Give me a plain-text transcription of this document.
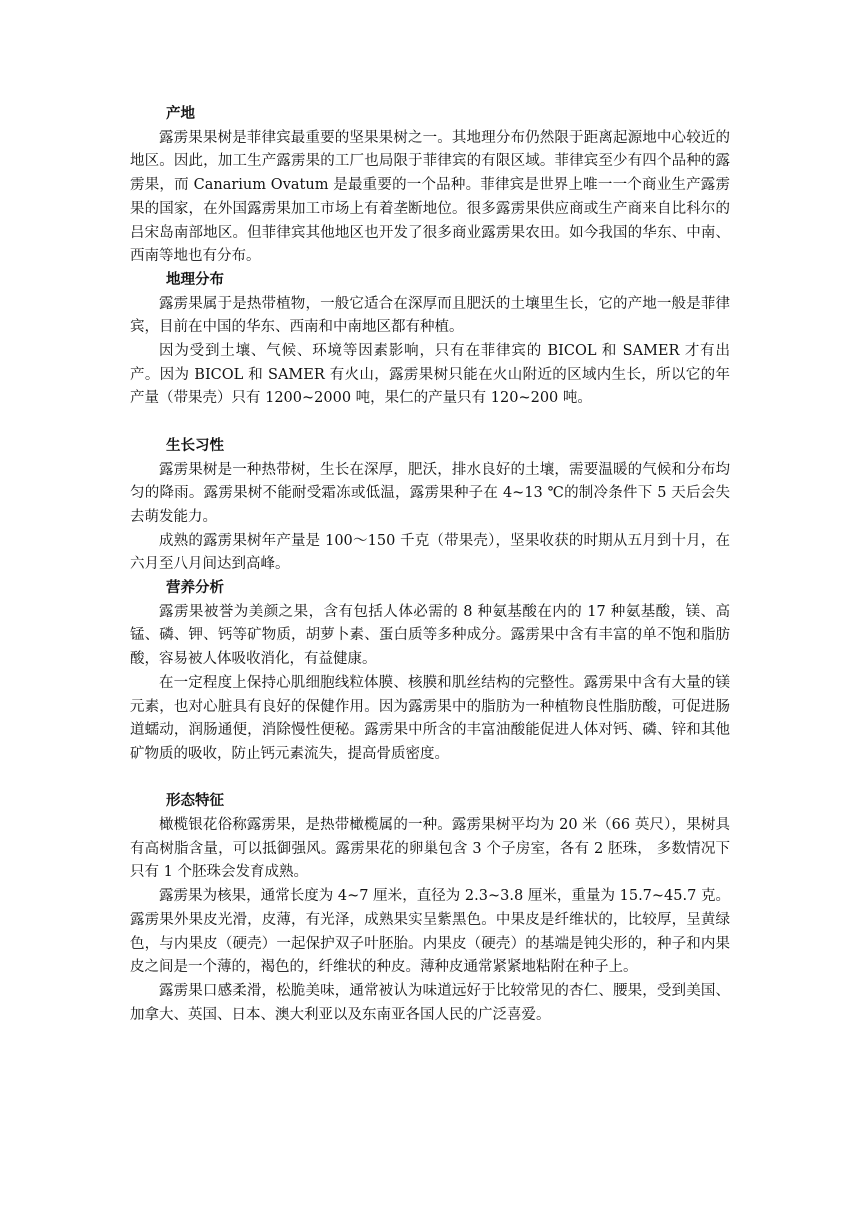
产地

露雳果果树是菲律宾最重要的坚果果树之一。其地理分布仍然限于距离起源地中心较近的地区。因此，加工生产露雳果的工厂也局限于菲律宾的有限区域。菲律宾至少有四个品种的露雳果，而 Canarium Ovatum 是最重要的一个品种。菲律宾是世界上唯一一个商业生产露雳果的国家，在外国露雳果加工市场上有着垄断地位。很多露雳果供应商或生产商来自比科尔的吕宋岛南部地区。但菲律宾其他地区也开发了很多商业露雳果农田。如今我国的华东、中南、西南等地也有分布。

地理分布

露雳果属于是热带植物，一般它适合在深厚而且肥沃的土壤里生长，它的产地一般是菲律宾，目前在中国的华东、西南和中南地区都有种植。

因为受到土壤、气候、环境等因素影响，只有在菲律宾的 BICOL 和 SAMER 才有出产。因为 BICOL 和 SAMER 有火山，露雳果树只能在火山附近的区域内生长，所以它的年产量（带果壳）只有 1200~2000 吨，果仁的产量只有 120~200 吨。

生长习性

露雳果树是一种热带树，生长在深厚，肥沃，排水良好的土壤，需要温暖的气候和分布均匀的降雨。露雳果树不能耐受霜冻或低温，露雳果种子在 4~13 ℃的制冷条件下 5 天后会失去萌发能力。

成熟的露雳果树年产量是 100～150 千克（带果壳），坚果收获的时期从五月到十月，在六月至八月间达到高峰。

营养分析

露雳果被誉为美颜之果，含有包括人体必需的 8 种氨基酸在内的 17 种氨基酸，镁、高锰、磷、钾、钙等矿物质，胡萝卜素、蛋白质等多种成分。露雳果中含有丰富的单不饱和脂肪酸，容易被人体吸收消化，有益健康。

在一定程度上保持心肌细胞线粒体膜、核膜和肌丝结构的完整性。露雳果中含有大量的镁元素，也对心脏具有良好的保健作用。因为露雳果中的脂肪为一种植物良性脂肪酸，可促进肠道蠕动，润肠通便，消除慢性便秘。露雳果中所含的丰富油酸能促进人体对钙、磷、锌和其他矿物质的吸收，防止钙元素流失，提高骨质密度。

形态特征

橄榄银花俗称露雳果，是热带橄榄属的一种。露雳果树平均为 20 米（66 英尺），果树具有高树脂含量，可以抵御强风。露雳果花的卵巢包含 3 个子房室，各有 2 胚珠， 多数情况下只有 1 个胚珠会发育成熟。

露雳果为核果，通常长度为 4~7 厘米，直径为 2.3~3.8 厘米，重量为 15.7~45.7 克。露雳果外果皮光滑，皮薄，有光泽，成熟果实呈紫黑色。中果皮是纤维状的，比较厚，呈黄绿色，与内果皮（硬壳）一起保护双子叶胚胎。内果皮（硬壳）的基端是钝尖形的，种子和内果皮之间是一个薄的，褐色的，纤维状的种皮。薄种皮通常紧紧地粘附在种子上。

露雳果口感柔滑，松脆美味，通常被认为味道远好于比较常见的杏仁、腰果，受到美国、加拿大、英国、日本、澳大利亚以及东南亚各国人民的广泛喜爱。
